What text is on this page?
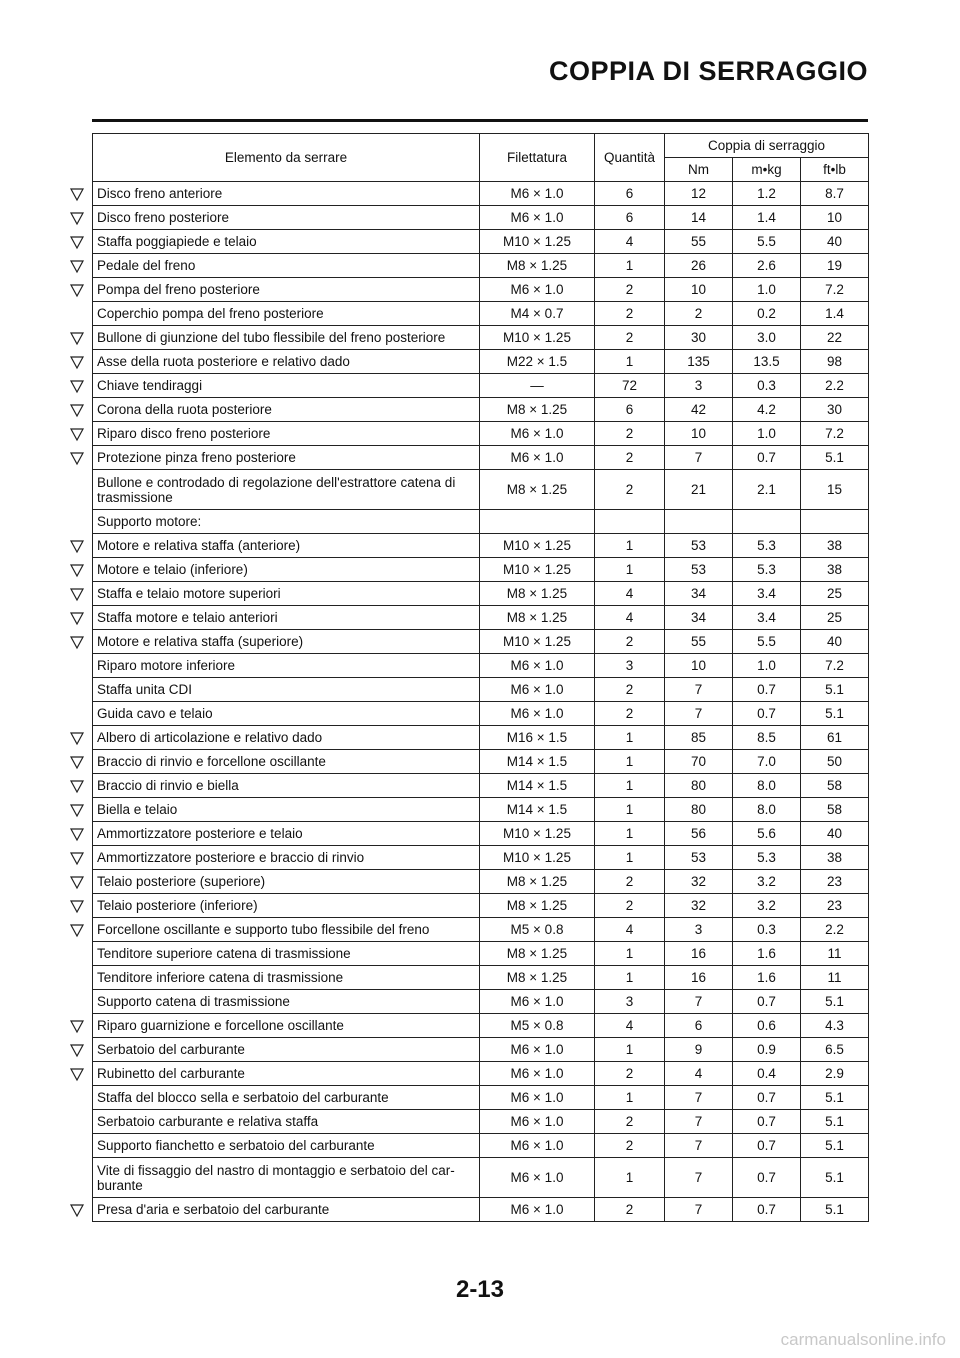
COPPIA DI SERRAGGIO
Elemento da serrare	Filettatura	Quantità	Coppia di serraggio		
			Nm	m•kg	ft•lb
Disco freno anteriore	M6 × 1.0	6	12	1.2	8.7
Disco freno posteriore	M6 × 1.0	6	14	1.4	10
Staffa poggiapiede e telaio	M10 × 1.25	4	55	5.5	40
Pedale del freno	M8 × 1.25	1	26	2.6	19
Pompa del freno posteriore	M6 × 1.0	2	10	1.0	7.2
Coperchio pompa del freno posteriore	M4 × 0.7	2	2	0.2	1.4
Bullone di giunzione del tubo flessibile del freno posteriore	M10 × 1.25	2	30	3.0	22
Asse della ruota posteriore e relativo dado	M22 × 1.5	1	135	13.5	98
Chiave tendiraggi	—	72	3	0.3	2.2
Corona della ruota posteriore	M8 × 1.25	6	42	4.2	30
Riparo disco freno posteriore	M6 × 1.0	2	10	1.0	7.2
Protezione pinza freno posteriore	M6 × 1.0	2	7	0.7	5.1
Bullone e controdado di regolazione dell'estrattore catena di trasmissione	M8 × 1.25	2	21	2.1	15
Supporto motore:					
Motore e relativa staffa (anteriore)	M10 × 1.25	1	53	5.3	38
Motore e telaio (inferiore)	M10 × 1.25	1	53	5.3	38
Staffa e telaio motore superiori	M8 × 1.25	4	34	3.4	25
Staffa motore e telaio anteriori	M8 × 1.25	4	34	3.4	25
Motore e relativa staffa (superiore)	M10 × 1.25	2	55	5.5	40
Riparo motore inferiore	M6 × 1.0	3	10	1.0	7.2
Staffa unita CDI	M6 × 1.0	2	7	0.7	5.1
Guida cavo e telaio	M6 × 1.0	2	7	0.7	5.1
Albero di articolazione e relativo dado	M16 × 1.5	1	85	8.5	61
Braccio di rinvio e forcellone oscillante	M14 × 1.5	1	70	7.0	50
Braccio di rinvio e biella	M14 × 1.5	1	80	8.0	58
Biella e telaio	M14 × 1.5	1	80	8.0	58
Ammortizzatore posteriore e telaio	M10 × 1.25	1	56	5.6	40
Ammortizzatore posteriore e braccio di rinvio	M10 × 1.25	1	53	5.3	38
Telaio posteriore (superiore)	M8 × 1.25	2	32	3.2	23
Telaio posteriore (inferiore)	M8 × 1.25	2	32	3.2	23
Forcellone oscillante e supporto tubo flessibile del freno	M5 × 0.8	4	3	0.3	2.2
Tenditore superiore catena di trasmissione	M8 × 1.25	1	16	1.6	11
Tenditore inferiore catena di trasmissione	M8 × 1.25	1	16	1.6	11
Supporto catena di trasmissione	M6 × 1.0	3	7	0.7	5.1
Riparo guarnizione e forcellone oscillante	M5 × 0.8	4	6	0.6	4.3
Serbatoio del carburante	M6 × 1.0	1	9	0.9	6.5
Rubinetto del carburante	M6 × 1.0	2	4	0.4	2.9
Staffa del blocco sella e serbatoio del carburante	M6 × 1.0	1	7	0.7	5.1
Serbatoio carburante e relativa staffa	M6 × 1.0	2	7	0.7	5.1
Supporto fianchetto e serbatoio del carburante	M6 × 1.0	2	7	0.7	5.1
Vite di fissaggio del nastro di montaggio e serbatoio del car-burante	M6 × 1.0	1	7	0.7	5.1
Presa d'aria e serbatoio del carburante	M6 × 1.0	2	7	0.7	5.1
2-13
carmanualsonline.info
